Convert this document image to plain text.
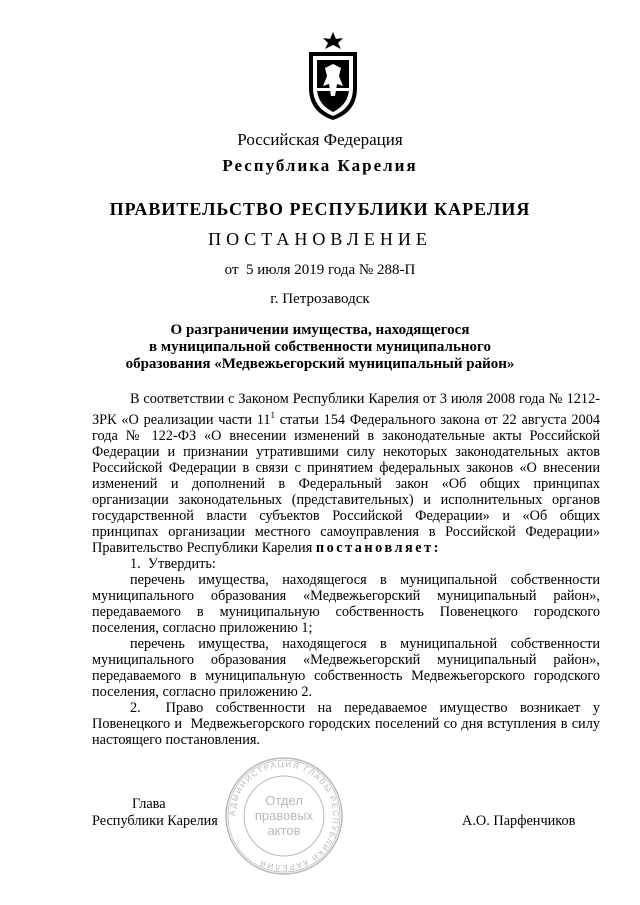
Российская Федерация
Республика Карелия
ПРАВИТЕЛЬСТВО РЕСПУБЛИКИ КАРЕЛИЯ
ПОСТАНОВЛЕНИЕ
от  5 июля 2019 года № 288-П
г. Петрозаводск
О разграничении имущества, находящегося
в муниципальной собственности муниципального
образования «Медвежьегорский муниципальный район»

В соответствии с Законом Республики Карелия от 3 июля 2008 года № 1212-ЗРК «О реализации части $11^1$ статьи 154 Федерального закона от 22 августа 2004 года № 122-ФЗ «О внесении изменений в законодательные акты Российской Федерации и признании утратившими силу некоторых законодательных актов Российской Федерации в связи с принятием федеральных законов «О внесении изменений и дополнений в Федеральный закон «Об общих принципах организации законодательных (представительных) и исполнительных органов государственной власти субъектов Российской Федерации» и «Об общих принципах организации местного самоуправления в Российской Федерации» Правительство Республики Карелия постановляет:

1.  Утвердить:

перечень имущества, находящегося в муниципальной собственности муниципального образования «Медвежьегорский муниципальный район», передаваемого в муниципальную собственность Повенецкого городского поселения, согласно приложению 1;

перечень имущества, находящегося в муниципальной собственности муниципального образования «Медвежьегорский муниципальный район», передаваемого в муниципальную собственность Медвежьегорского городского поселения, согласно приложению 2.

2.  Право собственности на передаваемое имущество возникает у Повенецкого и  Медвежьегорского городских поселений со дня вступления в силу настоящего постановления.

Глава
Республики Карелия	А.О. Парфенчиков
АДМИНИСТРАЦИЯ ГЛАВЫ РЕСПУБЛИКИ КАРЕЛИЯ
Отдел
правовых
актов
